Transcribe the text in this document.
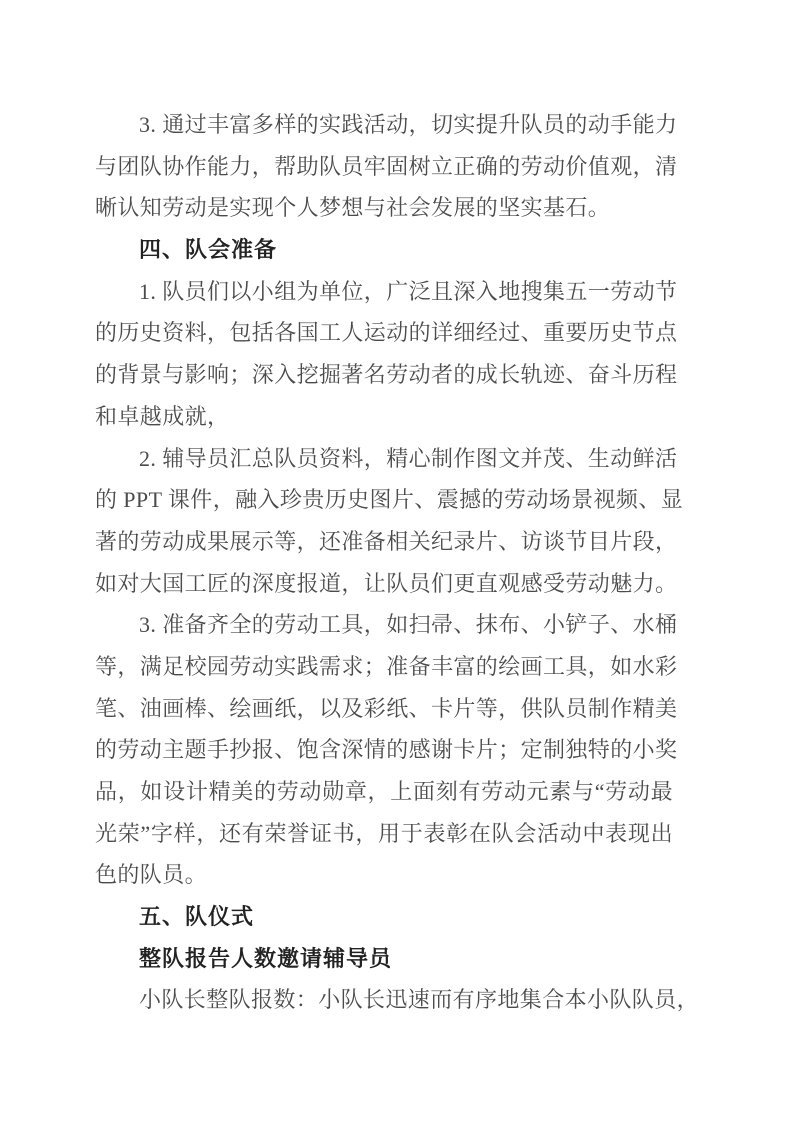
3. 通过丰富多样的实践活动，切实提升队员的动手能力
与团队协作能力，帮助队员牢固树立正确的劳动价值观，清
晰认知劳动是实现个人梦想与社会发展的坚实基石。
四、队会准备
1. 队员们以小组为单位，广泛且深入地搜集五一劳动节
的历史资料，包括各国工人运动的详细经过、重要历史节点
的背景与影响；深入挖掘著名劳动者的成长轨迹、奋斗历程
和卓越成就，
2. 辅导员汇总队员资料，精心制作图文并茂、生动鲜活
的 PPT 课件，融入珍贵历史图片、震撼的劳动场景视频、显
著的劳动成果展示等，还准备相关纪录片、访谈节目片段，
如对大国工匠的深度报道，让队员们更直观感受劳动魅力。
3. 准备齐全的劳动工具，如扫帚、抹布、小铲子、水桶
等，满足校园劳动实践需求；准备丰富的绘画工具，如水彩
笔、油画棒、绘画纸，以及彩纸、卡片等，供队员制作精美
的劳动主题手抄报、饱含深情的感谢卡片；定制独特的小奖
品，如设计精美的劳动勋章，上面刻有劳动元素与“劳动最
光荣”字样，还有荣誉证书，用于表彰在队会活动中表现出
色的队员。
五、队仪式
整队报告人数邀请辅导员
小队长整队报数：小队长迅速而有序地集合本小队队员，
